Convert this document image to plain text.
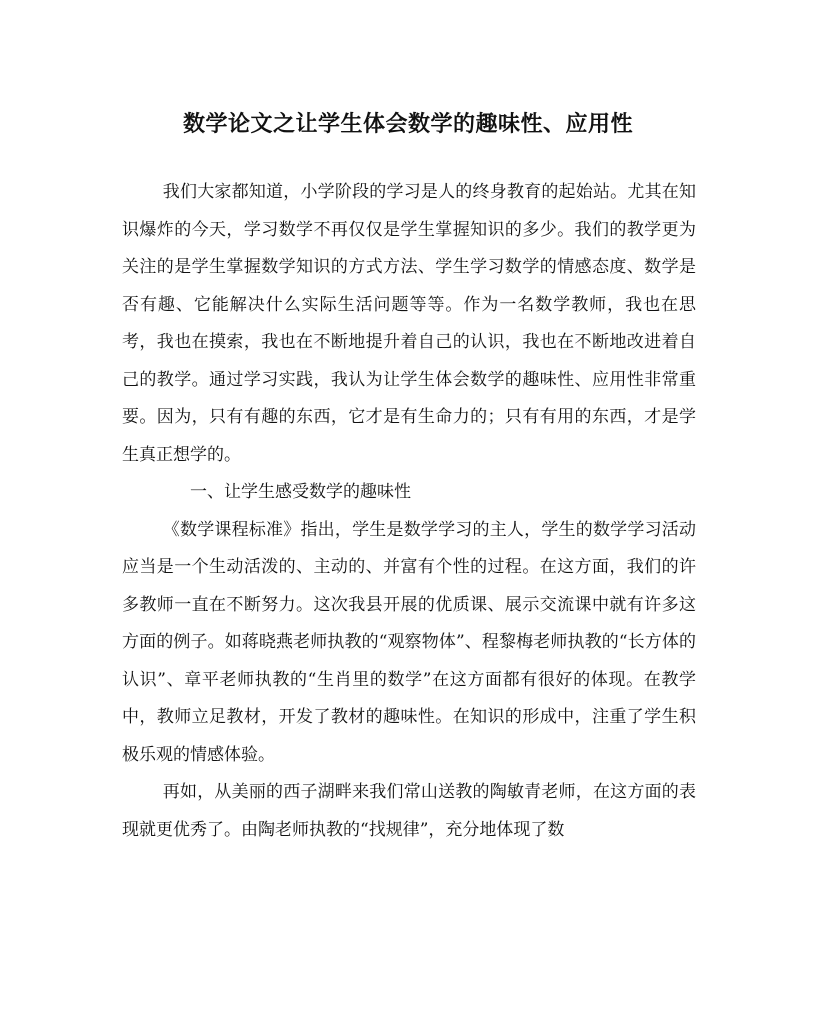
数学论文之让学生体会数学的趣味性、应用性

我们大家都知道，小学阶段的学习是人的终身教育的起始站。尤其在知识爆炸的今天，学习数学不再仅仅是学生掌握知识的多少。我们的教学更为关注的是学生掌握数学知识的方式方法、学生学习数学的情感态度、数学是否有趣、它能解决什么实际生活问题等等。作为一名数学教师，我也在思考，我也在摸索，我也在不断地提升着自己的认识，我也在不断地改进着自己的教学。通过学习实践，我认为让学生体会数学的趣味性、应用性非常重要。因为，只有有趣的东西，它才是有生命力的；只有有用的东西，才是学生真正想学的。

一、让学生感受数学的趣味性

《数学课程标准》指出，学生是数学学习的主人，学生的数学学习活动应当是一个生动活泼的、主动的、并富有个性的过程。在这方面，我们的许多教师一直在不断努力。这次我县开展的优质课、展示交流课中就有许多这方面的例子。如蒋晓燕老师执教的“观察物体”、程黎梅老师执教的“长方体的认识”、章平老师执教的“生肖里的数学”在这方面都有很好的体现。在教学中，教师立足教材，开发了教材的趣味性。在知识的形成中，注重了学生积极乐观的情感体验。

再如，从美丽的西子湖畔来我们常山送教的陶敏青老师，在这方面的表现就更优秀了。由陶老师执教的“找规律”，充分地体现了数
